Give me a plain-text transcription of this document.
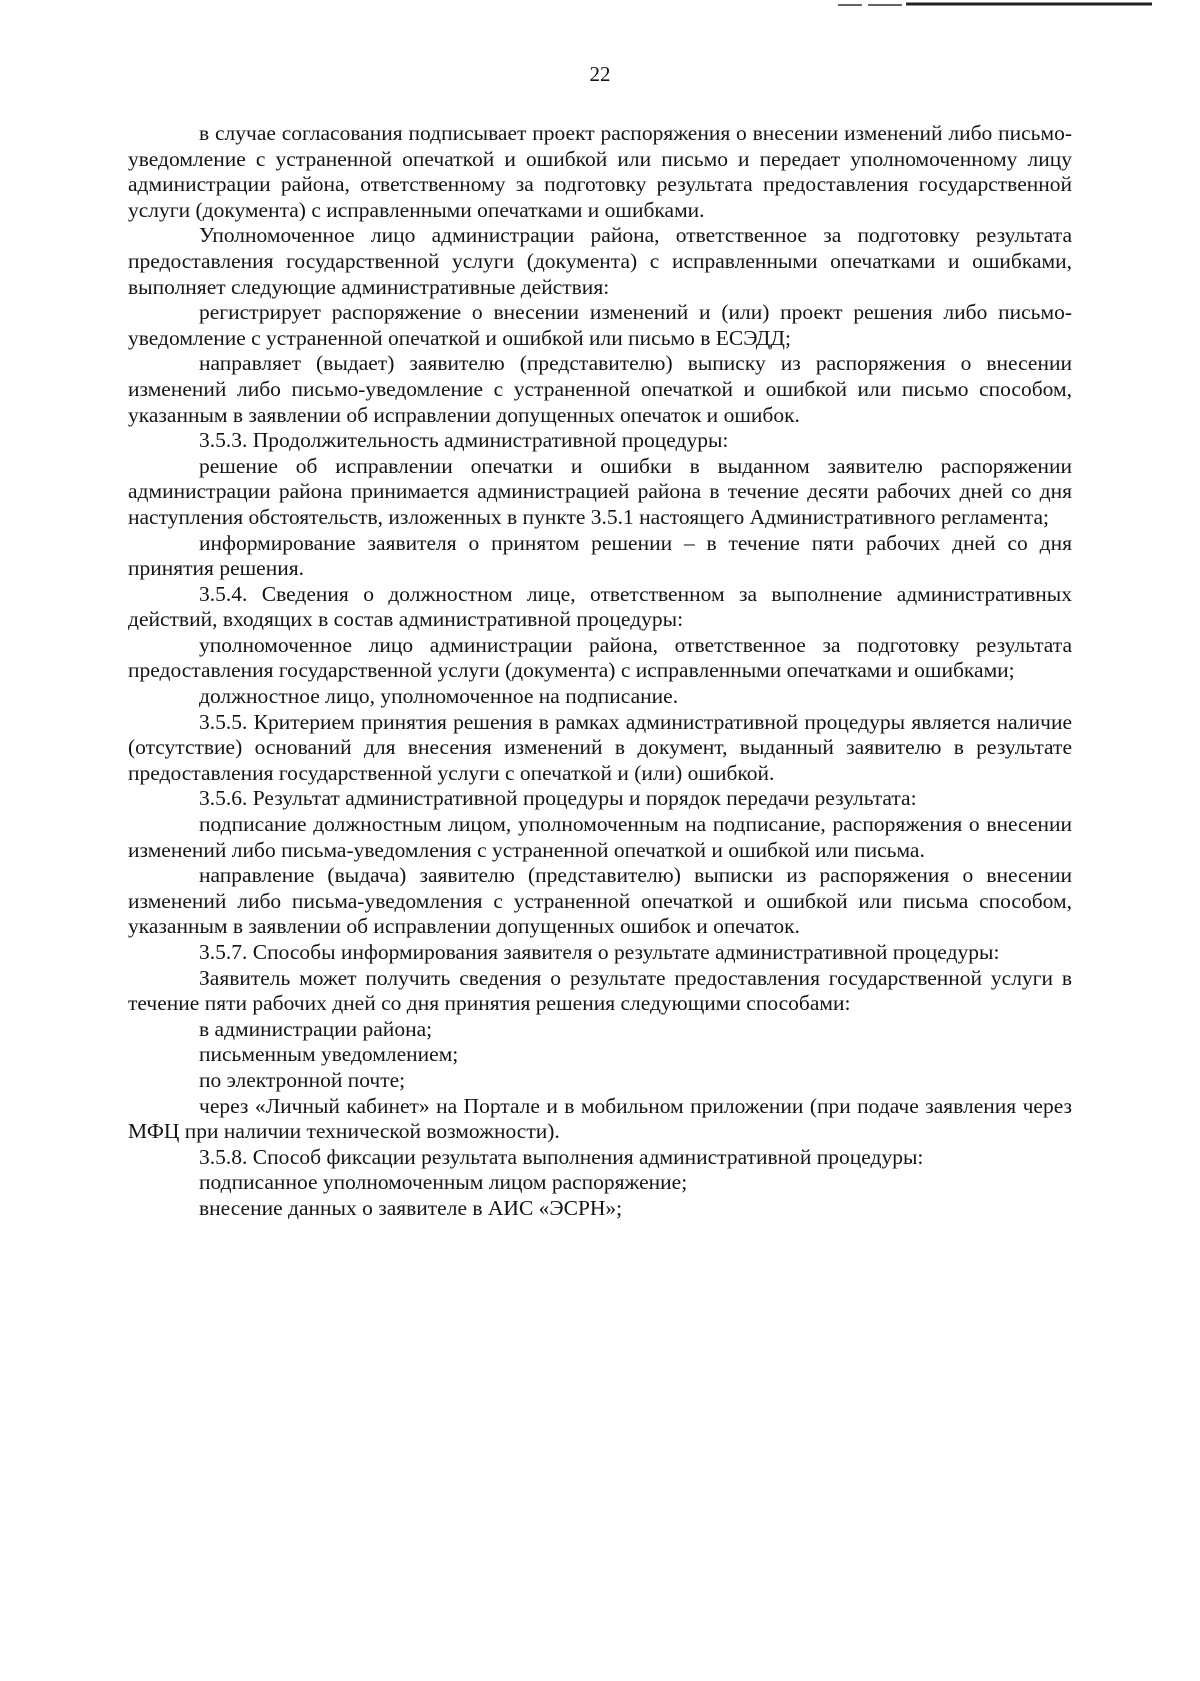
22

в случае согласования подписывает проект распоряжения о внесении изменений либо письмо-уведомление с устраненной опечаткой и ошибкой или письмо и передает уполномоченному лицу администрации района, ответственному за подготовку результата предоставления государственной услуги (документа) с исправленными опечатками и ошибками.

Уполномоченное лицо администрации района, ответственное за подготовку результата предоставления государственной услуги (документа) с исправленными опечатками и ошибками, выполняет следующие административные действия:

регистрирует распоряжение о внесении изменений и (или) проект решения либо письмо-уведомление с устраненной опечаткой и ошибкой или письмо в ЕСЭДД;

направляет (выдает) заявителю (представителю) выписку из распоряжения о внесении изменений либо письмо-уведомление с устраненной опечаткой и ошибкой или письмо способом, указанным в заявлении об исправлении допущенных опечаток и ошибок.

3.5.3. Продолжительность административной процедуры:

решение об исправлении опечатки и ошибки в выданном заявителю распоряжении администрации района принимается администрацией района в течение десяти рабочих дней со дня наступления обстоятельств, изложенных в пункте 3.5.1 настоящего Административного регламента;

информирование заявителя о принятом решении – в течение пяти рабочих дней со дня принятия решения.

3.5.4. Сведения о должностном лице, ответственном за выполнение административных действий, входящих в состав административной процедуры:

уполномоченное лицо администрации района, ответственное за подготовку результата предоставления государственной услуги (документа) с исправленными опечатками и ошибками;

должностное лицо, уполномоченное на подписание.

3.5.5. Критерием принятия решения в рамках административной процедуры является наличие (отсутствие) оснований для внесения изменений в документ, выданный заявителю в результате предоставления государственной услуги с опечаткой и (или) ошибкой.

3.5.6. Результат административной процедуры и порядок передачи результата:

подписание должностным лицом, уполномоченным на подписание, распоряжения о внесении изменений либо письма-уведомления с устраненной опечаткой и ошибкой или письма.

направление (выдача) заявителю (представителю) выписки из распоряжения о внесении изменений либо письма-уведомления с устраненной опечаткой и ошибкой или письма способом, указанным в заявлении об исправлении допущенных ошибок и опечаток.

3.5.7. Способы информирования заявителя о результате административной процедуры:

Заявитель может получить сведения о результате предоставления государственной услуги в течение пяти рабочих дней со дня принятия решения следующими способами:

в администрации района;

письменным уведомлением;

по электронной почте;

через «Личный кабинет» на Портале и в мобильном приложении (при подаче заявления через МФЦ при наличии технической возможности).

3.5.8. Способ фиксации результата выполнения административной процедуры:

подписанное уполномоченным лицом распоряжение;

внесение данных о заявителе в АИС «ЭСРН»;
